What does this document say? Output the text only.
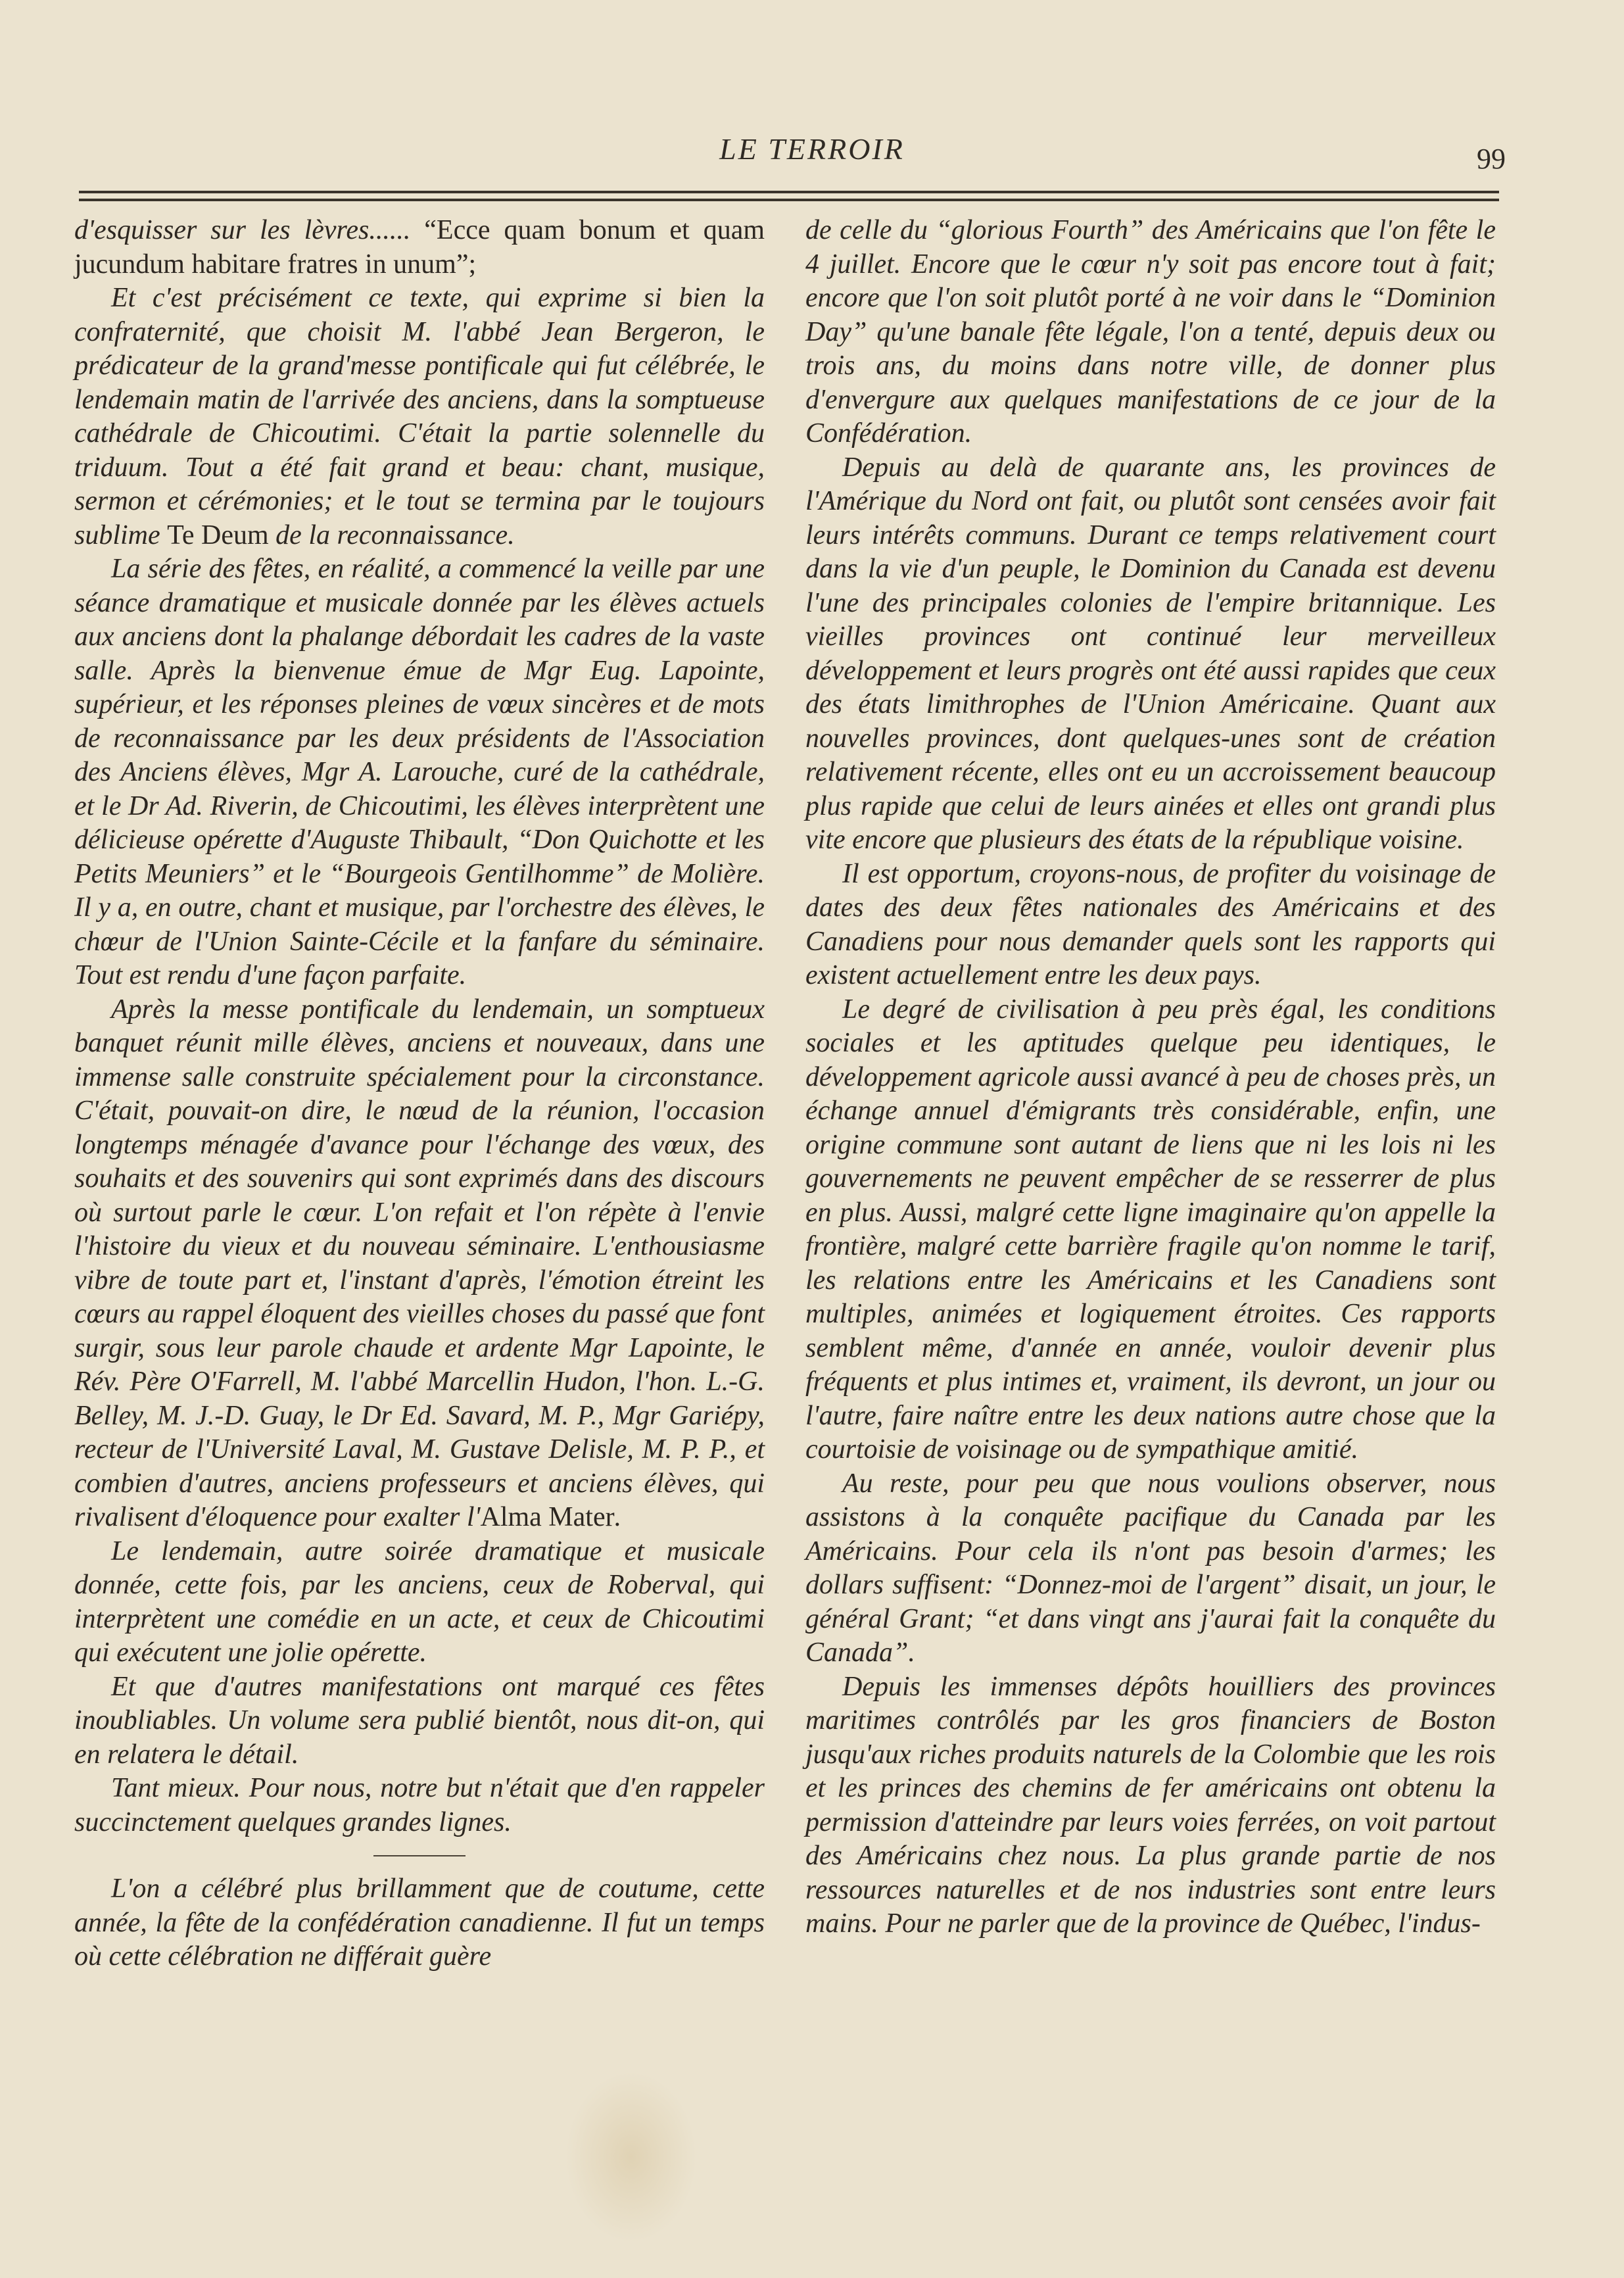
LE TERROIR	99

d'esquisser sur les lèvres...... “Ecce quam bonum et quam jucundum habitare fratres in unum”;

Et c'est précisément ce texte, qui exprime si bien la confraternité, que choisit M. l'abbé Jean Bergeron, le prédicateur de la grand'messe pontificale qui fut célébrée, le lendemain matin de l'arrivée des anciens, dans la somptueuse cathédrale de Chicoutimi. C'était la partie solennelle du triduum. Tout a été fait grand et beau: chant, musique, sermon et cérémonies; et le tout se termina par le toujours sublime Te Deum de la reconnaissance.

La série des fêtes, en réalité, a commencé la veille par une séance dramatique et musicale donnée par les élèves actuels aux anciens dont la phalange débordait les cadres de la vaste salle. Après la bienvenue émue de Mgr Eug. Lapointe, supérieur, et les réponses pleines de vœux sincères et de mots de reconnaissance par les deux présidents de l'Association des Anciens élèves, Mgr A. Larouche, curé de la cathédrale, et le Dr Ad. Riverin, de Chicoutimi, les élèves interprètent une délicieuse opérette d'Auguste Thibault, “Don Quichotte et les Petits Meuniers” et le “Bourgeois Gentilhomme” de Molière. Il y a, en outre, chant et musique, par l'orchestre des élèves, le chœur de l'Union Sainte-Cécile et la fanfare du séminaire. Tout est rendu d'une façon parfaite.

Après la messe pontificale du lendemain, un somptueux banquet réunit mille élèves, anciens et nouveaux, dans une immense salle construite spécialement pour la circonstance. C'était, pouvait-on dire, le nœud de la réunion, l'occasion longtemps ménagée d'avance pour l'échange des vœux, des souhaits et des souvenirs qui sont exprimés dans des discours où surtout parle le cœur. L'on refait et l'on répète à l'envie l'histoire du vieux et du nouveau séminaire. L'enthousiasme vibre de toute part et, l'instant d'après, l'émotion étreint les cœurs au rappel éloquent des vieilles choses du passé que font surgir, sous leur parole chaude et ardente Mgr Lapointe, le Rév. Père O'Farrell, M. l'abbé Marcellin Hudon, l'hon. L.-G. Belley, M. J.-D. Guay, le Dr Ed. Savard, M. P., Mgr Gariépy, recteur de l'Université Laval, M. Gustave Delisle, M. P. P., et combien d'autres, anciens professeurs et anciens élèves, qui rivalisent d'éloquence pour exalter l'Alma Mater.

Le lendemain, autre soirée dramatique et musicale donnée, cette fois, par les anciens, ceux de Roberval, qui interprètent une comédie en un acte, et ceux de Chicoutimi qui exécutent une jolie opérette.

Et que d'autres manifestations ont marqué ces fêtes inoubliables. Un volume sera publié bientôt, nous dit-on, qui en relatera le détail.

Tant mieux. Pour nous, notre but n'était que d'en rappeler succinctement quelques grandes lignes.

L'on a célébré plus brillamment que de coutume, cette année, la fête de la confédération canadienne. Il fut un temps où cette célébration ne différait guère

de celle du “glorious Fourth” des Américains que l'on fête le 4 juillet. Encore que le cœur n'y soit pas encore tout à fait; encore que l'on soit plutôt porté à ne voir dans le “Dominion Day” qu'une banale fête légale, l'on a tenté, depuis deux ou trois ans, du moins dans notre ville, de donner plus d'envergure aux quelques manifestations de ce jour de la Confédération.

Depuis au delà de quarante ans, les provinces de l'Amérique du Nord ont fait, ou plutôt sont censées avoir fait leurs intérêts communs. Durant ce temps relativement court dans la vie d'un peuple, le Dominion du Canada est devenu l'une des principales colonies de l'empire britannique. Les vieilles provinces ont continué leur merveilleux développement et leurs progrès ont été aussi rapides que ceux des états limithrophes de l'Union Américaine. Quant aux nouvelles provinces, dont quelques-unes sont de création relativement récente, elles ont eu un accroissement beaucoup plus rapide que celui de leurs ainées et elles ont grandi plus vite encore que plusieurs des états de la république voisine.

Il est opportum, croyons-nous, de profiter du voisinage de dates des deux fêtes nationales des Américains et des Canadiens pour nous demander quels sont les rapports qui existent actuellement entre les deux pays.

Le degré de civilisation à peu près égal, les conditions sociales et les aptitudes quelque peu identiques, le développement agricole aussi avancé à peu de choses près, un échange annuel d'émigrants très considérable, enfin, une origine commune sont autant de liens que ni les lois ni les gouvernements ne peuvent empêcher de se resserrer de plus en plus. Aussi, malgré cette ligne imaginaire qu'on appelle la frontière, malgré cette barrière fragile qu'on nomme le tarif, les relations entre les Américains et les Canadiens sont multiples, animées et logiquement étroites. Ces rapports semblent même, d'année en année, vouloir devenir plus fréquents et plus intimes et, vraiment, ils devront, un jour ou l'autre, faire naître entre les deux nations autre chose que la courtoisie de voisinage ou de sympathique amitié.

Au reste, pour peu que nous voulions observer, nous assistons à la conquête pacifique du Canada par les Américains. Pour cela ils n'ont pas besoin d'armes; les dollars suffisent: “Donnez-moi de l'argent” disait, un jour, le général Grant; “et dans vingt ans j'aurai fait la conquête du Canada”.

Depuis les immenses dépôts houilliers des provinces maritimes contrôlés par les gros financiers de Boston jusqu'aux riches produits naturels de la Colombie que les rois et les princes des chemins de fer américains ont obtenu la permission d'atteindre par leurs voies ferrées, on voit partout des Américains chez nous. La plus grande partie de nos ressources naturelles et de nos industries sont entre leurs mains. Pour ne parler que de la province de Québec, l'indus-
